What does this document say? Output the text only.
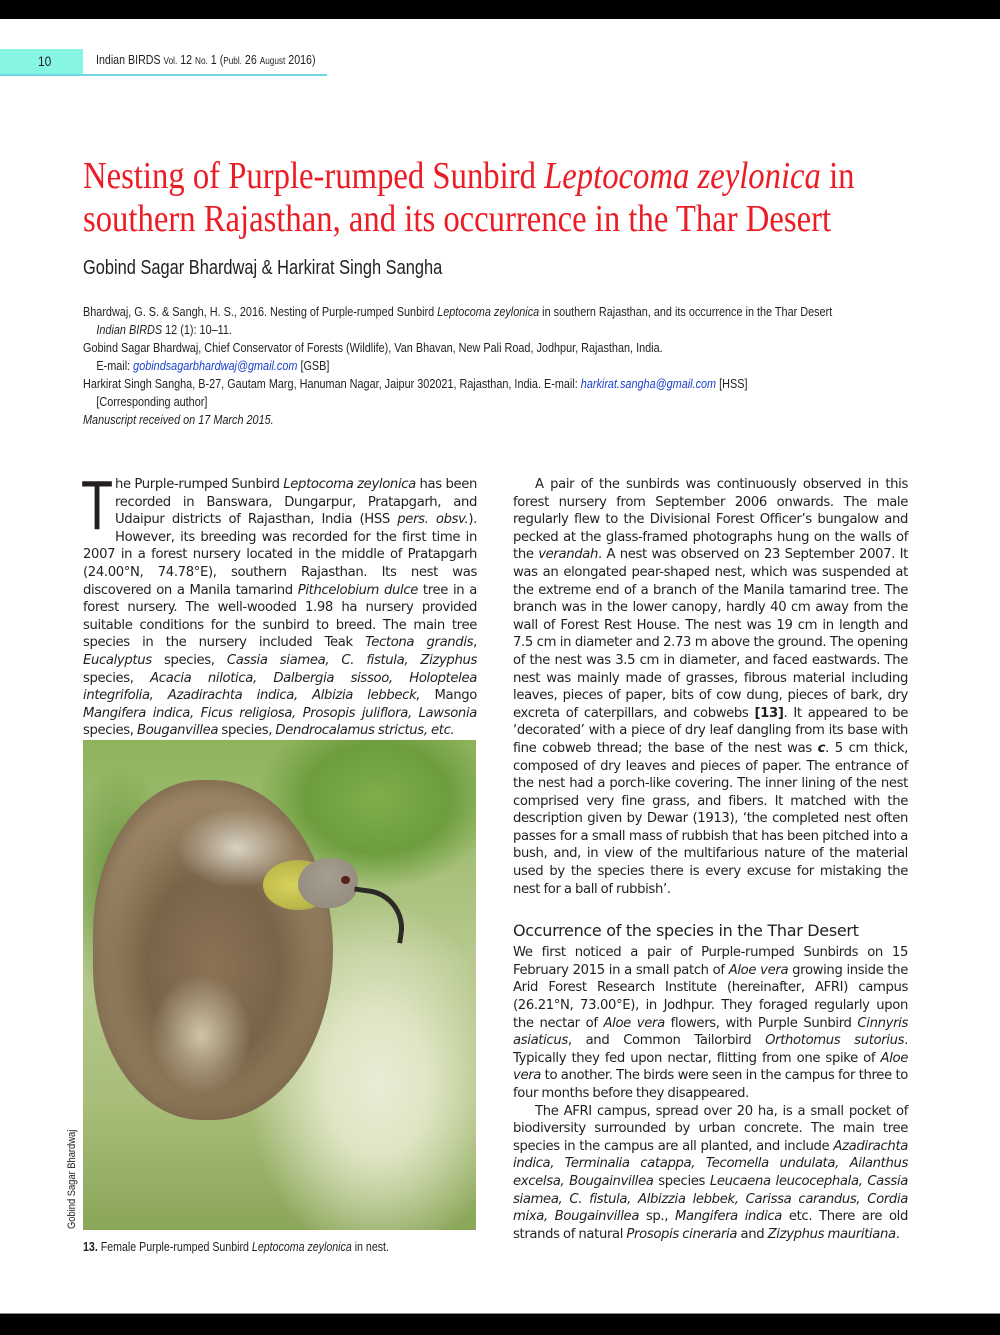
10	Indian BIRDS Vol. 12 No. 1 (Publ. 26 August 2016)
Nesting of Purple-rumped Sunbird Leptocoma zeylonica in
southern Rajasthan, and its occurrence in the Thar Desert
Gobind Sagar Bhardwaj & Harkirat Singh Sangha
Bhardwaj, G. S. & Sangh, H. S., 2016. Nesting of Purple-rumped Sunbird Leptocoma zeylonica in southern Rajasthan, and its occurrence in the Thar Desert
Indian BIRDS 12 (1): 10–11.
Gobind Sagar Bhardwaj, Chief Conservator of Forests (Wildlife), Van Bhavan, New Pali Road, Jodhpur, Rajasthan, India.
E-mail: gobindsagarbhardwaj@gmail.com [GSB]
Harkirat Singh Sangha, B-27, Gautam Marg, Hanuman Nagar, Jaipur 302021, Rajasthan, India. E-mail: harkirat.sangha@gmail.com [HSS]
[Corresponding author]
Manuscript received on 17 March 2015.

The Purple-rumped Sunbird Leptocoma zeylonica has been recorded in Banswara, Dungarpur, Pratapgarh, and Udaipur districts of Rajasthan, India (HSS pers. obsv.). However, its breeding was recorded for the first time in 2007 in a forest nursery located in the middle of Pratapgarh (24.00°N, 74.78°E), southern Rajasthan. Its nest was discovered on a Manila tamarind Pithcelobium dulce tree in a forest nursery. The well-wooded 1.98 ha nursery provided suitable conditions for the sunbird to breed. The main tree species in the nursery included Teak Tectona grandis, Eucalyptus species, Cassia siamea, C. fistula, Zizyphus species, Acacia nilotica, Dalbergia sissoo, Holoptelea integrifolia, Azadirachta indica, Albizia lebbeck, Mango Mangifera indica, Ficus religiosa, Prosopis juliflora, Lawsonia species, Bouganvillea species, Dendrocalamus strictus, etc.

Gobind Sagar Bhardwaj
13. Female Purple-rumped Sunbird Leptocoma zeylonica in nest.

A pair of the sunbirds was continuously observed in this forest nursery from September 2006 onwards. The male regularly flew to the Divisional Forest Officer’s bungalow and pecked at the glass-framed photographs hung on the walls of the verandah. A nest was observed on 23 September 2007. It was an elongated pear-shaped nest, which was suspended at the extreme end of a branch of the Manila tamarind tree. The branch was in the lower canopy, hardly 40 cm away from the wall of Forest Rest House. The nest was 19 cm in length and 7.5 cm in diameter and 2.73 m above the ground. The opening of the nest was 3.5 cm in diameter, and faced eastwards. The nest was mainly made of grasses, fibrous material including leaves, pieces of paper, bits of cow dung, pieces of bark, dry excreta of caterpillars, and cobwebs [13]. It appeared to be ‘decorated’ with a piece of dry leaf dangling from its base with fine cobweb thread; the base of the nest was c. 5 cm thick, composed of dry leaves and pieces of paper. The entrance of the nest had a porch-like covering. The inner lining of the nest comprised very fine grass, and fibers. It matched with the description given by Dewar (1913), ‘the completed nest often passes for a small mass of rubbish that has been pitched into a bush, and, in view of the multifarious nature of the material used by the species there is every excuse for mistaking the nest for a ball of rubbish’.

Occurrence of the species in the Thar Desert

We first noticed a pair of Purple-rumped Sunbirds on 15 February 2015 in a small patch of Aloe vera growing inside the Arid Forest Research Institute (hereinafter, AFRI) campus (26.21°N, 73.00°E), in Jodhpur. They foraged regularly upon the nectar of Aloe vera flowers, with Purple Sunbird Cinnyris asiaticus, and Common Tailorbird Orthotomus sutorius. Typically they fed upon nectar, flitting from one spike of Aloe vera to another. The birds were seen in the campus for three to four months before they disappeared.

The AFRI campus, spread over 20 ha, is a small pocket of biodiversity surrounded by urban concrete. The main tree species in the campus are all planted, and include Azadirachta indica, Terminalia catappa, Tecomella undulata, Ailanthus excelsa, Bougainvillea species Leucaena leucocephala, Cassia siamea, C. fistula, Albizzia lebbek, Carissa carandus, Cordia mixa, Bougainvillea sp., Mangifera indica etc. There are old strands of natural Prosopis cineraria and Zizyphus mauritiana.
